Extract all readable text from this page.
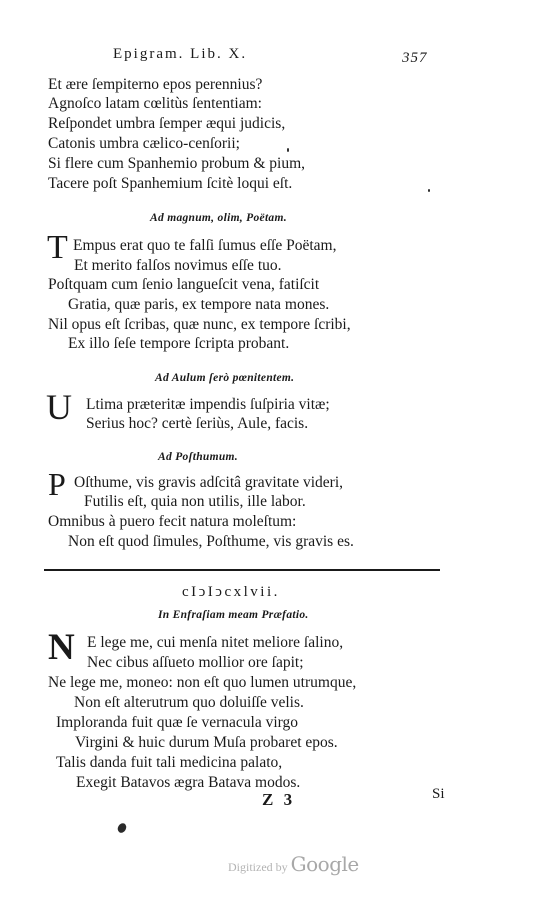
Epigram. Lib. X.	357
Et ære ſempiterno epos perennius?
Agnoſco latam cœlitùs ſententiam:
Reſpondet umbra ſemper æqui judicis,
Catonis umbra cælico-cenſorii;
Si flere cum Spanhemio probum & pium,
Tacere poſt Spanhemium ſcitè loqui eſt.
Ad magnum, olim, Poëtam.
T Empus erat quo te falſi ſumus eſſe Poëtam,
Et merito falſos novimus eſſe tuo.
Poſtquam cum ſenio langueſcit vena, fatiſcit
Gratia, quæ paris, ex tempore nata mones.
Nil opus eſt ſcribas, quæ nunc, ex tempore ſcribi,
Ex illo ſeſe tempore ſcripta probant.
Ad Aulum ſerò pœnitentem.
U Ltima præteritæ impendis ſuſpiria vitæ;
Serius hoc? certè ſeriùs, Aule, facis.
Ad Poſthumum.
P Oſthume, vis gravis adſcitâ gravitate videri,
Futilis eſt, quia non utilis, ille labor.
Omnibus à puero fecit natura moleſtum:
Non eſt quod ſimules, Poſthume, vis gravis es.
cIↄIↄcxlvii.
In Enfraſiam meam Præfatio.
N E lege me, cui menſa nitet meliore ſalino,
Nec cibus aſſueto mollior ore ſapit;
Ne lege me, moneo: non eſt quo lumen utrumque,
Non eſt alterutrum quo doluiſſe velis.
Imploranda fuit quæ ſe vernacula virgo
Virgini & huic durum Muſa probaret epos.
Talis danda fuit tali medicina palato,
Exegit Batavos ægra Batava modos.
Z 3	Si
Digitized by Google
